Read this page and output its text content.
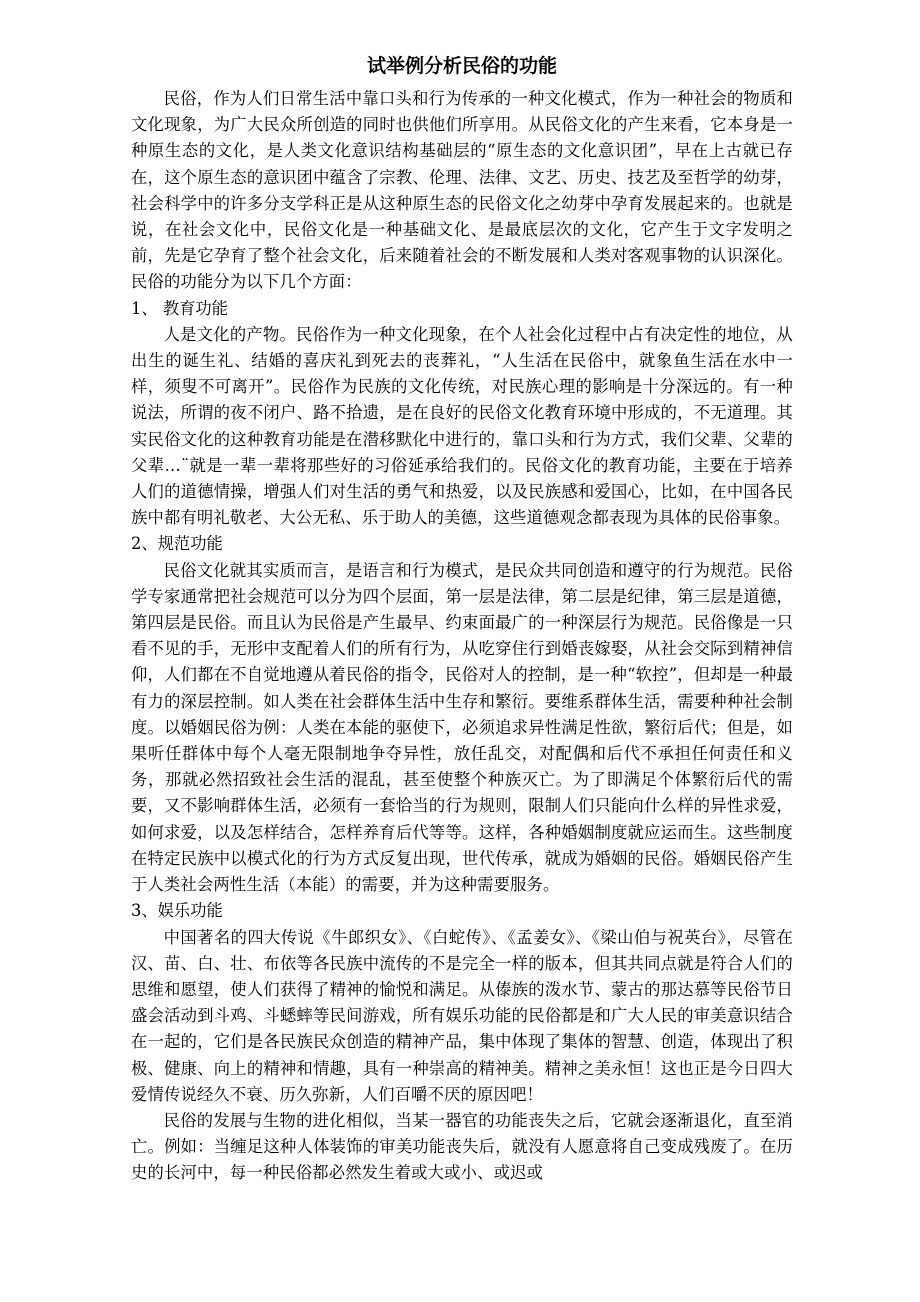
试举例分析民俗的功能

民俗，作为人们日常生活中靠口头和行为传承的一种文化模式，作为一种社会的物质和文化现象，为广大民众所创造的同时也供他们所享用。从民俗文化的产生来看，它本身是一种原生态的文化，是人类文化意识结构基础层的“原生态的文化意识团”，早在上古就已存在，这个原生态的意识团中蕴含了宗教、伦理、法律、文艺、历史、技艺及至哲学的幼芽，社会科学中的许多分支学科正是从这种原生态的民俗文化之幼芽中孕育发展起来的。也就是说，在社会文化中，民俗文化是一种基础文化、是最底层次的文化，它产生于文字发明之前，先是它孕育了整个社会文化，后来随着社会的不断发展和人类对客观事物的认识深化。民俗的功能分为以下几个方面：

1、 教育功能

人是文化的产物。民俗作为一种文化现象，在个人社会化过程中占有决定性的地位，从出生的诞生礼、结婚的喜庆礼到死去的丧葬礼，“人生活在民俗中，就象鱼生活在水中一样，须叟不可离开”。民俗作为民族的文化传统，对民族心理的影响是十分深远的。有一种说法，所谓的夜不闭户、路不拾遗，是在良好的民俗文化教育环境中形成的，不无道理。其实民俗文化的这种教育功能是在潜移默化中进行的，靠口头和行为方式，我们父辈、父辈的父辈…¨就是一辈一辈将那些好的习俗延承给我们的。民俗文化的教育功能，主要在于培养人们的道德情操，增强人们对生活的勇气和热爱，以及民族感和爱国心，比如，在中国各民族中都有明礼敬老、大公无私、乐于助人的美德，这些道德观念都表现为具体的民俗事象。

2、规范功能

民俗文化就其实质而言，是语言和行为模式，是民众共同创造和遵守的行为规范。民俗学专家通常把社会规范可以分为四个层面，第一层是法律，第二层是纪律，第三层是道德，第四层是民俗。而且认为民俗是产生最早、约束面最广的一种深层行为规范。民俗像是一只看不见的手，无形中支配着人们的所有行为，从吃穿住行到婚丧嫁娶，从社会交际到精神信仰，人们都在不自觉地遵从着民俗的指令，民俗对人的控制，是一种“软控”，但却是一种最有力的深层控制。如人类在社会群体生活中生存和繁衍。要维系群体生活，需要种种社会制度。以婚姻民俗为例：人类在本能的驱使下，必须追求异性满足性欲，繁衍后代；但是，如果听任群体中每个人毫无限制地争夺异性，放任乱交，对配偶和后代不承担任何责任和义务，那就必然招致社会生活的混乱，甚至使整个种族灭亡。为了即满足个体繁衍后代的需要，又不影响群体生活，必须有一套恰当的行为规则，限制人们只能向什么样的异性求爱，如何求爱，以及怎样结合，怎样养育后代等等。这样，各种婚姻制度就应运而生。这些制度在特定民族中以模式化的行为方式反复出现，世代传承，就成为婚姻的民俗。婚姻民俗产生于人类社会两性生活（本能）的需要，并为这种需要服务。

3、娱乐功能

中国著名的四大传说《牛郎织女》、《白蛇传》、《孟姜女》、《梁山伯与祝英台》，尽管在汉、苗、白、壮、布依等各民族中流传的不是完全一样的版本，但其共同点就是符合人们的思维和愿望，使人们获得了精神的愉悦和满足。从傣族的泼水节、蒙古的那达慕等民俗节日盛会活动到斗鸡、斗蟋蟀等民间游戏，所有娱乐功能的民俗都是和广大人民的审美意识结合在一起的，它们是各民族民众创造的精神产品，集中体现了集体的智慧、创造，体现出了积极、健康、向上的精神和情趣，具有一种崇高的精神美。精神之美永恒！这也正是今日四大爱情传说经久不衰、历久弥新，人们百嚼不厌的原因吧！

民俗的发展与生物的进化相似，当某一器官的功能丧失之后，它就会逐渐退化，直至消亡。例如：当缠足这种人体装饰的审美功能丧失后，就没有人愿意将自己变成残废了。在历史的长河中，每一种民俗都必然发生着或大或小、或迟或
